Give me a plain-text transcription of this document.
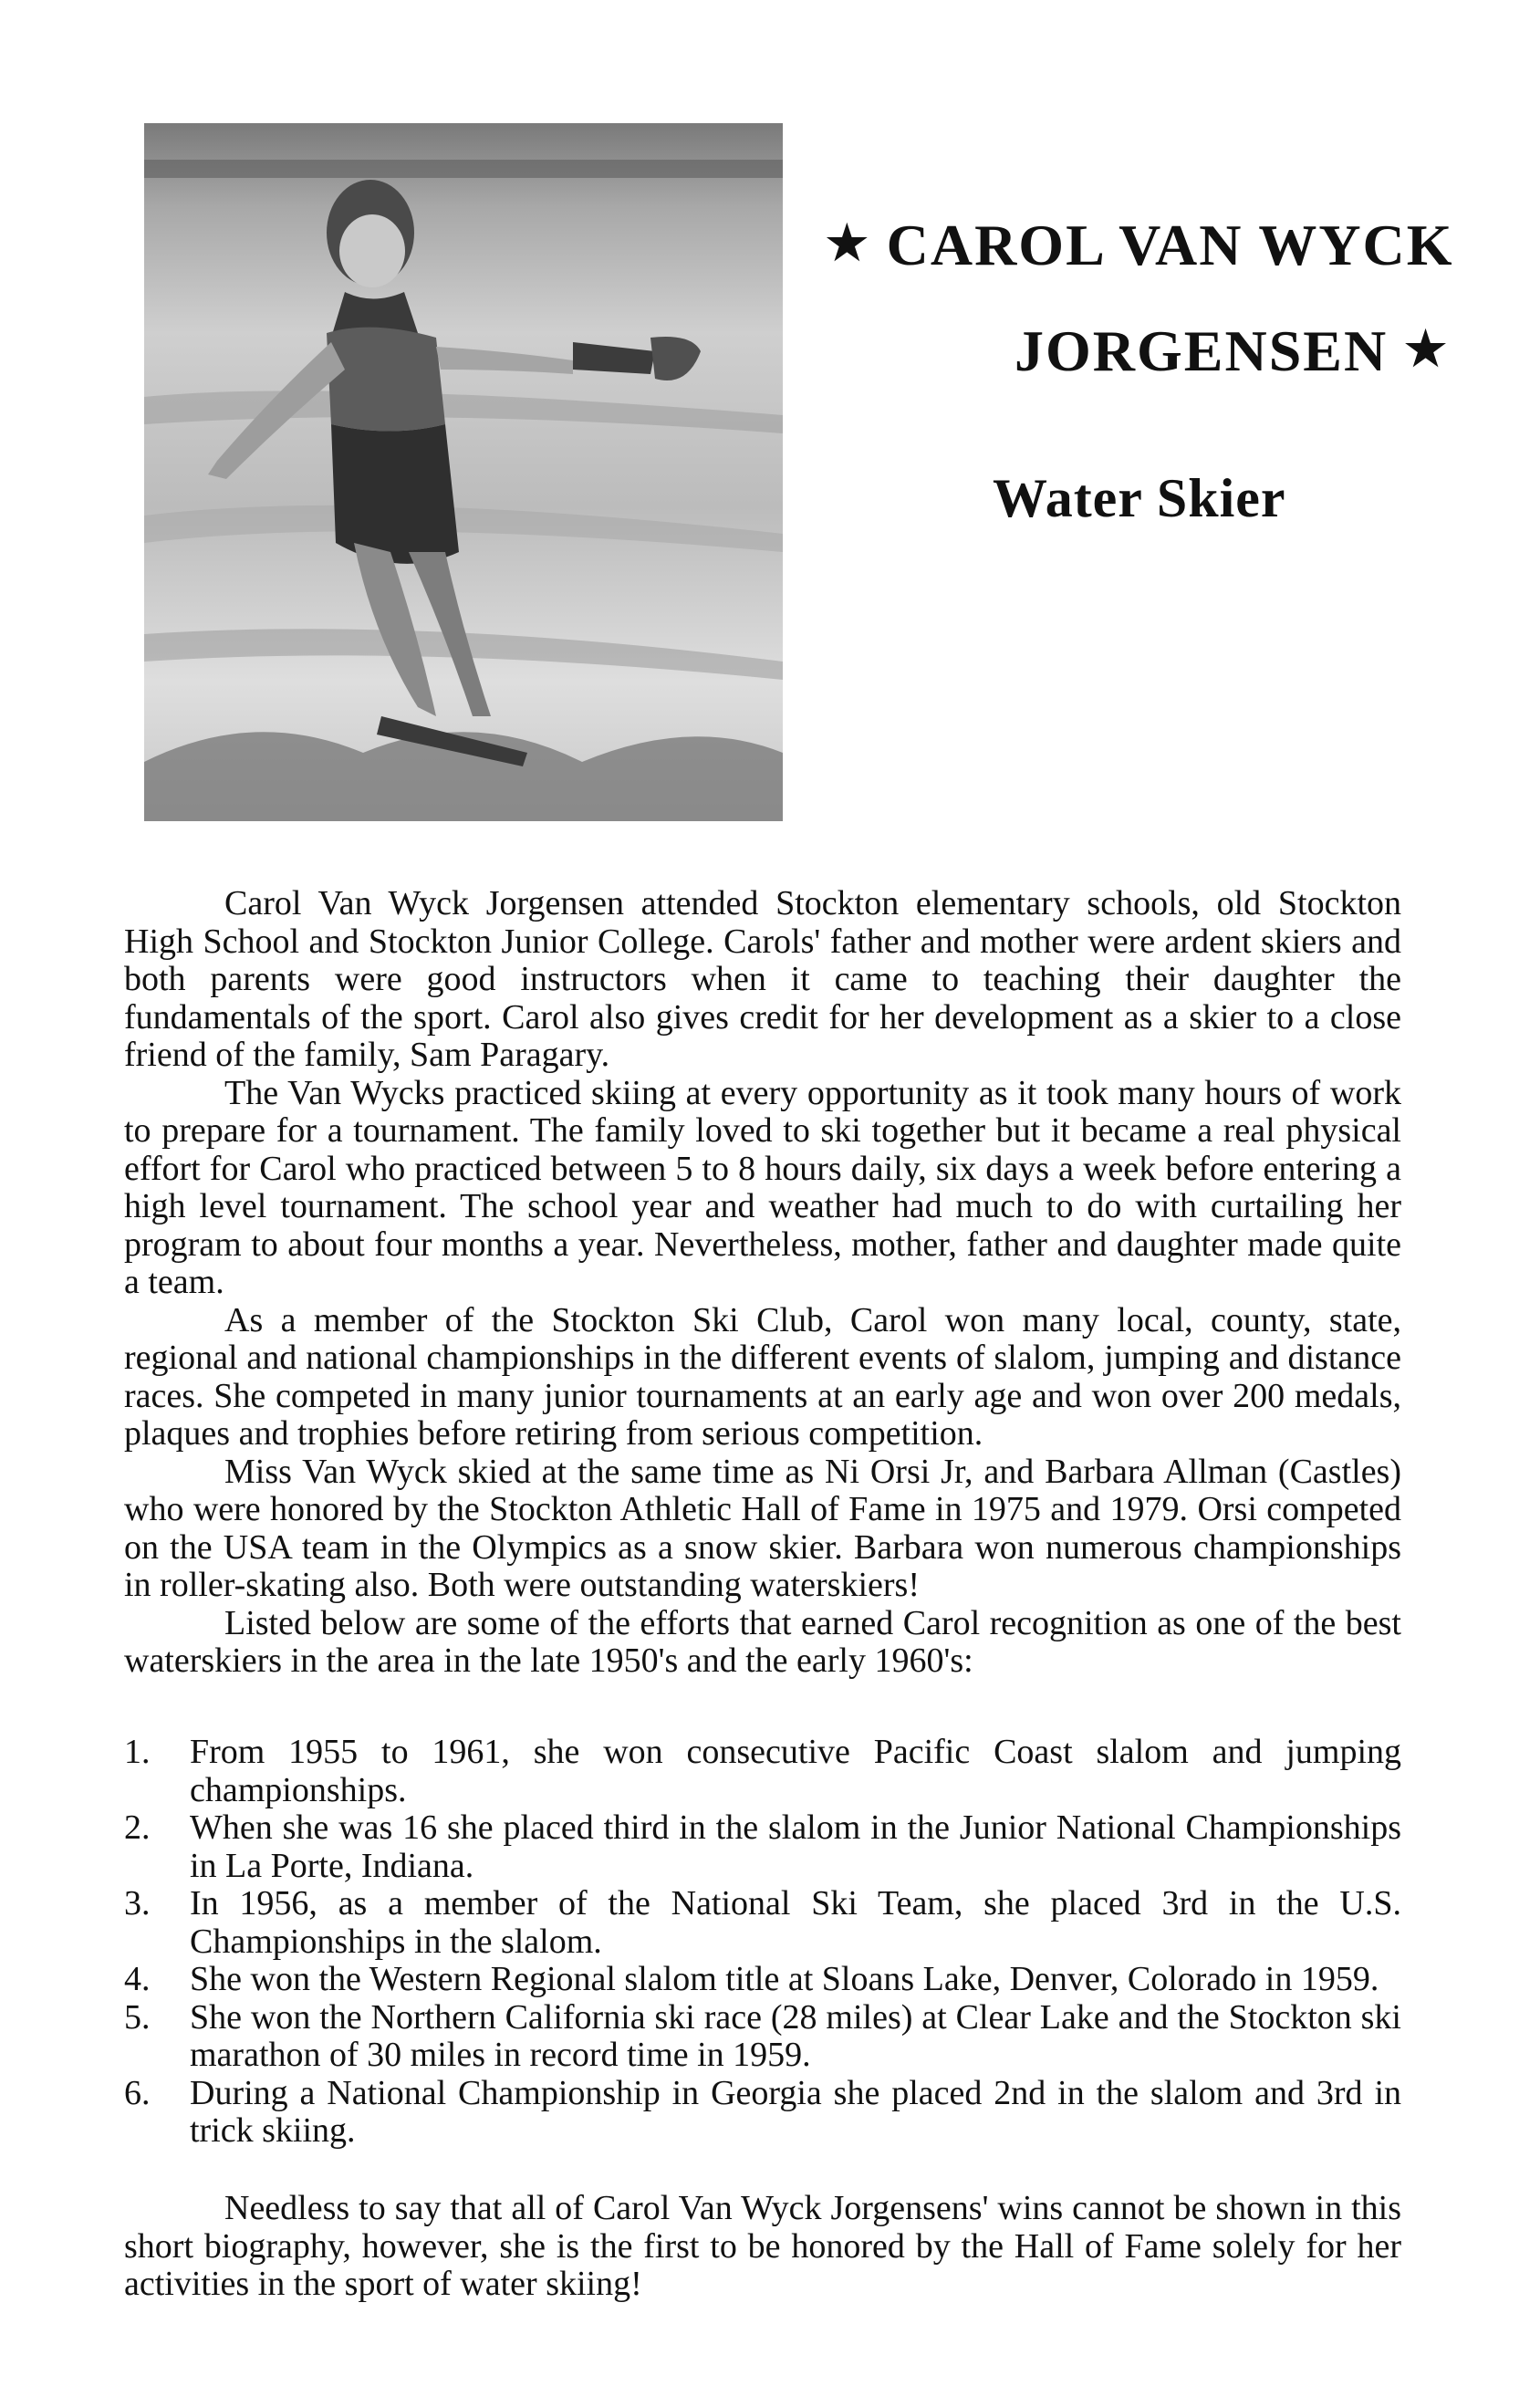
★ CAROL VAN WYCK
JORGENSEN ★
Water Skier

Carol Van Wyck Jorgensen attended Stockton elementary schools, old Stockton High School and Stockton Junior College. Carols' father and mother were ardent skiers and both parents were good instructors when it came to teaching their daughter the fundamentals of the sport. Carol also gives credit for her development as a skier to a close friend of the family, Sam Paragary.

The Van Wycks practiced skiing at every opportunity as it took many hours of work to prepare for a tournament. The family loved to ski together but it became a real physical effort for Carol who practiced between 5 to 8 hours daily, six days a week before entering a high level tournament. The school year and weather had much to do with curtailing her program to about four months a year. Nevertheless, mother, father and daughter made quite a team.

As a member of the Stockton Ski Club, Carol won many local, county, state, regional and national championships in the different events of slalom, jumping and distance races. She competed in many junior tournaments at an early age and won over 200 medals, plaques and trophies before retiring from serious competition.

Miss Van Wyck skied at the same time as Ni Orsi Jr, and Barbara Allman (Castles) who were honored by the Stockton Athletic Hall of Fame in 1975 and 1979. Orsi competed on the USA team in the Olympics as a snow skier. Barbara won numerous championships in roller-skating also. Both were outstanding waterskiers!

Listed below are some of the efforts that earned Carol recognition as one of the best waterskiers in the area in the late 1950's and the early 1960's:

1. From 1955 to 1961, she won consecutive Pacific Coast slalom and jumping championships.
2. When she was 16 she placed third in the slalom in the Junior National Championships in La Porte, Indiana.
3. In 1956, as a member of the National Ski Team, she placed 3rd in the U.S. Championships in the slalom.
4. She won the Western Regional slalom title at Sloans Lake, Denver, Colorado in 1959.
5. She won the Northern California ski race (28 miles) at Clear Lake and the Stockton ski marathon of 30 miles in record time in 1959.
6. During a National Championship in Georgia she placed 2nd in the slalom and 3rd in trick skiing.

Needless to say that all of Carol Van Wyck Jorgensens' wins cannot be shown in this short biography, however, she is the first to be honored by the Hall of Fame solely for her activities in the sport of water skiing!
